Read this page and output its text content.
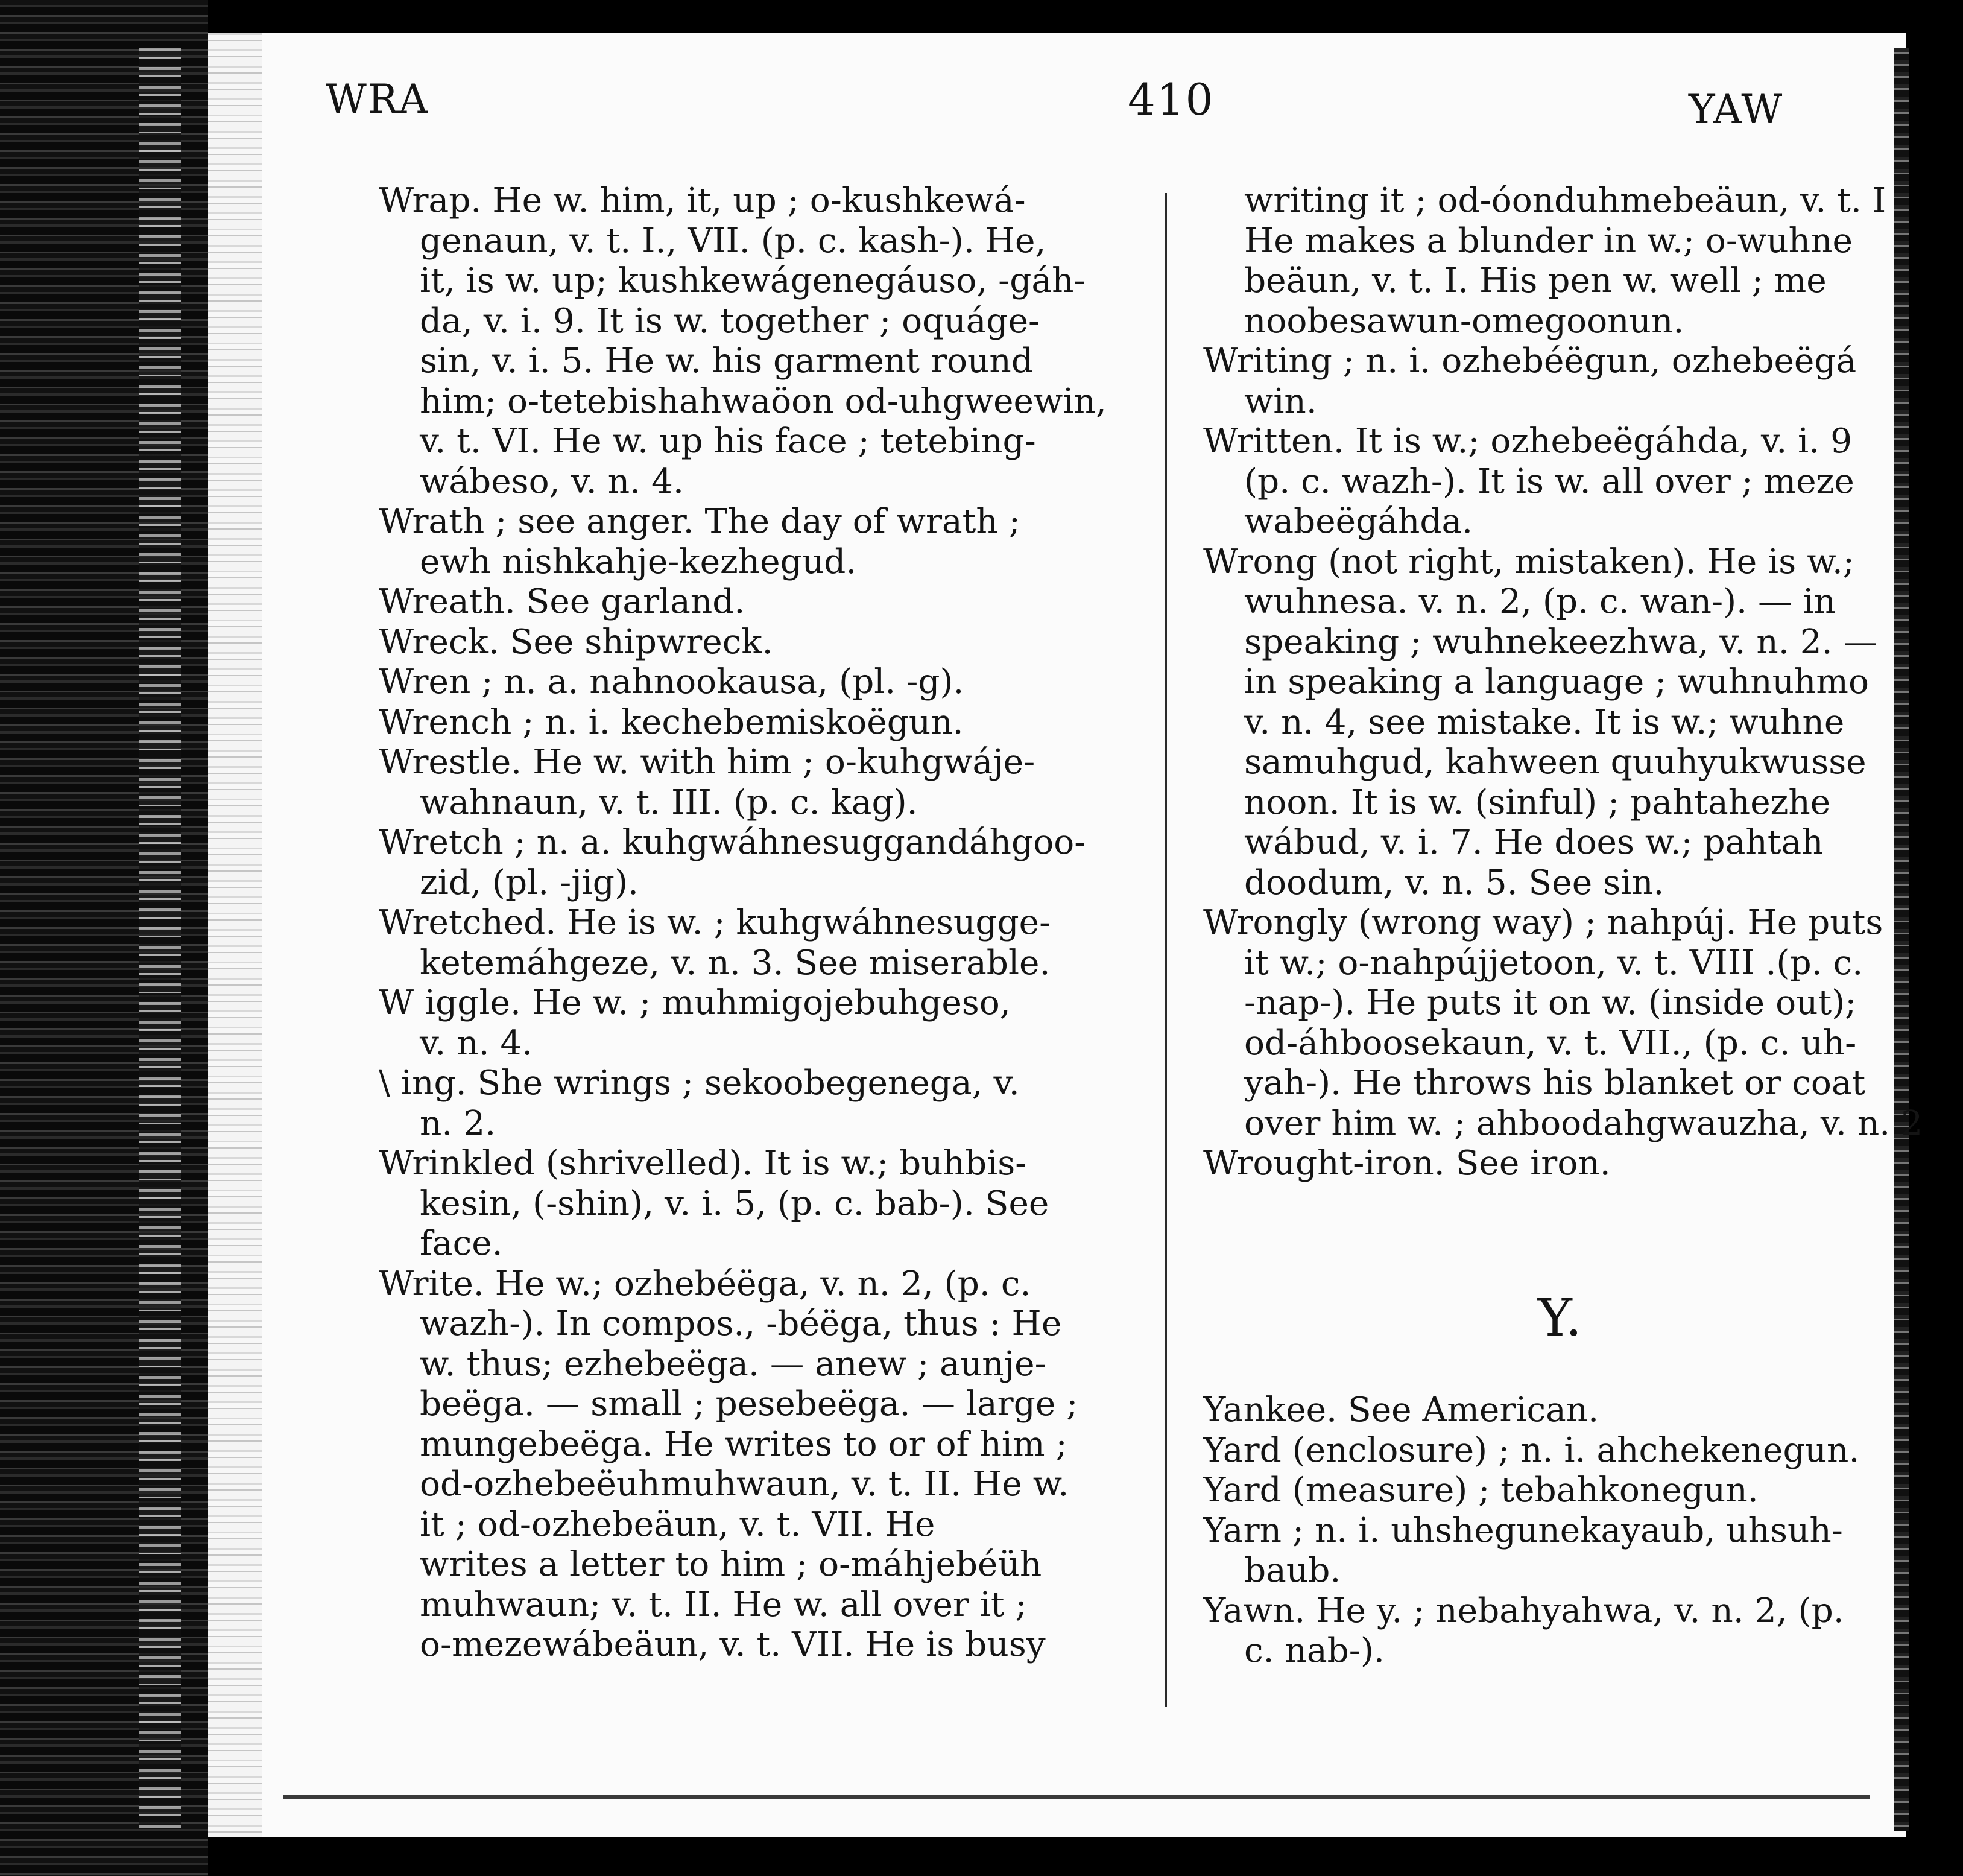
WRA	410	YAW
Wrap. He w. him, it, up ; o-kushkewá-
genaun, v. t. I., VII. (p. c. kash-). He,
it, is w. up; kushkewágenegáuso, -gáh-
da, v. i. 9. It is w. together ; oquáge-
sin, v. i. 5. He w. his garment round
him; o-tetebishahwaöon od-uhgweewin,
v. t. VI. He w. up his face ; tetebing-
wábeso, v. n. 4.
Wrath ; see anger. The day of wrath ;
ewh nishkahje-kezhegud.
Wreath. See garland.
Wreck. See shipwreck.
Wren ; n. a. nahnookausa, (pl. -g).
Wrench ; n. i. kechebemiskoëgun.
Wrestle. He w. with him ; o-kuhgwáje-
wahnaun, v. t. III. (p. c. kag).
Wretch ; n. a. kuhgwáhnesuggandáhgoo-
zid, (pl. -jig).
Wretched. He is w. ; kuhgwáhnesugge-
ketemáhgeze, v. n. 3. See miserable.
W iggle. He w. ; muhmigojebuhgeso,
v. n. 4.
\ ing. She wrings ; sekoobegenega, v.
n. 2.
Wrinkled (shrivelled). It is w.; buhbis-
kesin, (-shin), v. i. 5, (p. c. bab-). See
face.
Write. He w.; ozhebéëga, v. n. 2, (p. c.
wazh-). In compos., -béëga, thus : He
w. thus; ezhebeëga. — anew ; aunje-
beëga. — small ; pesebeëga. — large ;
mungebeëga. He writes to or of him ;
od-ozhebeëuhmuhwaun, v. t. II. He w.
it ; od-ozhebeäun, v. t. VII. He
writes a letter to him ; o-máhjebéüh
muhwaun; v. t. II. He w. all over it ;
o-mezewábeäun, v. t. VII. He is busy
writing it ; od-óonduhmebeäun, v. t. I
He makes a blunder in w.; o-wuhne
beäun, v. t. I. His pen w. well ; me
noobesawun-omegoonun.
Writing ; n. i. ozhebéëgun, ozhebeëgá
win.
Written. It is w.; ozhebeëgáhda, v. i. 9
(p. c. wazh-). It is w. all over ; meze
wabeëgáhda.
Wrong (not right, mistaken). He is w.;
wuhnesa. v. n. 2, (p. c. wan-). — in
speaking ; wuhnekeezhwa, v. n. 2. —
in speaking a language ; wuhnuhmo
v. n. 4, see mistake. It is w.; wuhne
samuhgud, kahween quuhyukwusse
noon. It is w. (sinful) ; pahtahezhe
wábud, v. i. 7. He does w.; pahtah
doodum, v. n. 5. See sin.
Wrongly (wrong way) ; nahpúj. He puts
it w.; o-nahpújjetoon, v. t. VIII .(p. c.
-nap-). He puts it on w. (inside out);
od-áhboosekaun, v. t. VII., (p. c. uh-
yah-). He throws his blanket or coat
over him w. ; ahboodahgwauzha, v. n. 2
Wrought-iron. See iron.
Y.
Yankee. See American.
Yard (enclosure) ; n. i. ahchekenegun.
Yard (measure) ; tebahkonegun.
Yarn ; n. i. uhshegunekayaub, uhsuh-
baub.
Yawn. He y. ; nebahyahwa, v. n. 2, (p.
c. nab-).
